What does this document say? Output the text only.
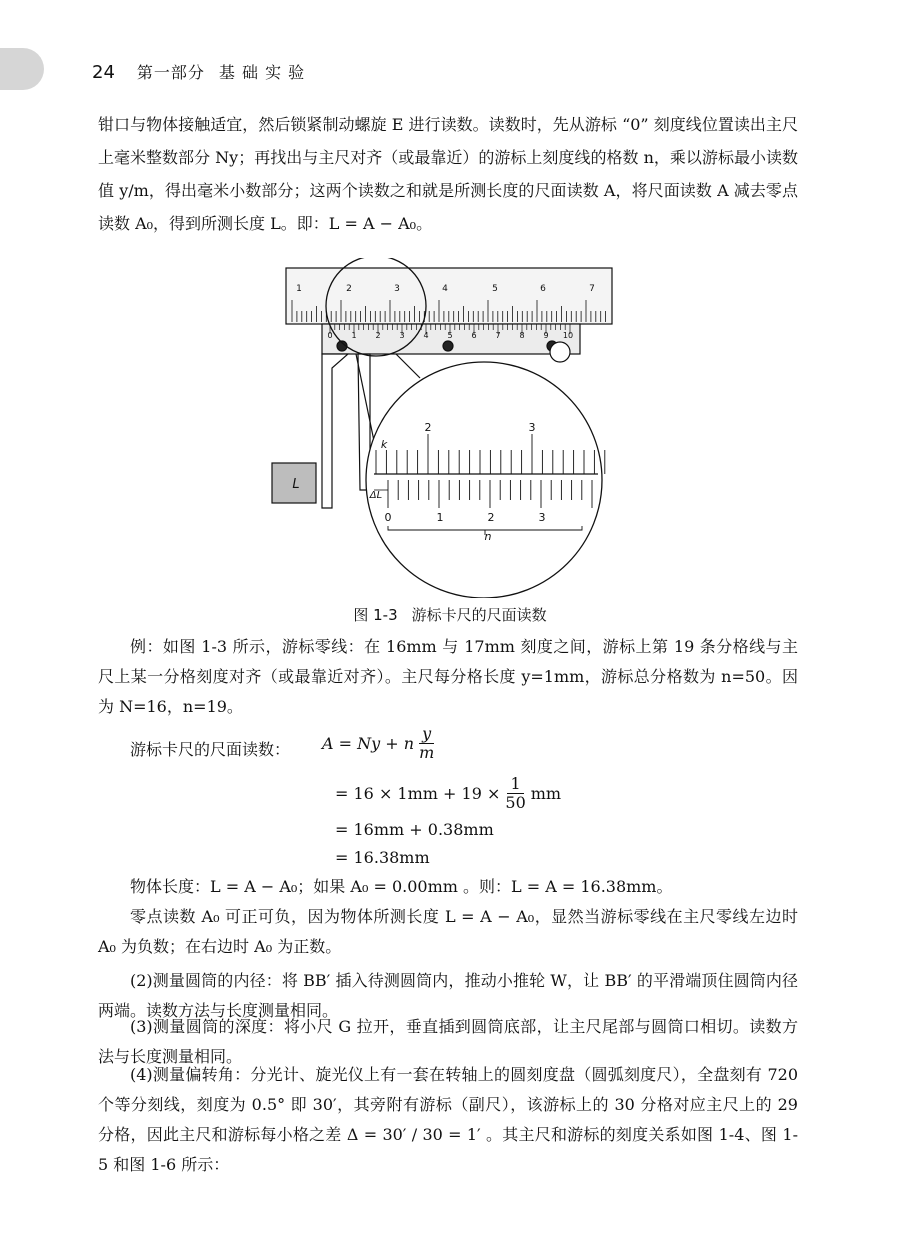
24 第一部分 基 础 实 验

钳口与物体接触适宜，然后锁紧制动螺旋 E 进行读数。读数时，先从游标 “0” 刻度线位置读出主尺上毫米整数部分 Ny；再找出与主尺对齐（或最靠近）的游标上刻度线的格数 n，乘以游标最小读数值 y/m，得出毫米小数部分；这两个读数之和就是所测长度的尺面读数 A，将尺面读数 A 减去零点读数 A₀，得到所测长度 L。即：L = A − A₀。

1	2	3	4	5	6	7
0 1 2 3 4 5 6 7 8 9 10
2	3
0	1	2	3
k
ΔL
n
L
图 1-3 游标卡尺的尺面读数

例：如图 1-3 所示，游标零线：在 16mm 与 17mm 刻度之间，游标上第 19 条分格线与主尺上某一分格刻度对齐（或最靠近对齐）。主尺每分格长度 y=1mm，游标总分格数为 n=50。因为 N=16，n=19。

游标卡尺的尺面读数： A = Ny + n $\frac{y}{m}$
= $16 \times 1mm + 19 \times \frac{1}{50}$ mm
= 16mm + 0.38mm
= 16.38mm

物体长度：L = A − A₀；如果 A₀ = 0.00mm 。则：L = A = 16.38mm。

零点读数 A₀ 可正可负，因为物体所测长度 L = A − A₀，显然当游标零线在主尺零线左边时 A₀ 为负数；在右边时 A₀ 为正数。

(2)测量圆筒的内径：将 BB′ 插入待测圆筒内，推动小推轮 W，让 BB′ 的平滑端顶住圆筒内径两端。读数方法与长度测量相同。

(3)测量圆筒的深度：将小尺 G 拉开，垂直插到圆筒底部，让主尺尾部与圆筒口相切。读数方法与长度测量相同。

(4)测量偏转角：分光计、旋光仪上有一套在转轴上的圆刻度盘（圆弧刻度尺），全盘刻有 720 个等分刻线，刻度为 0.5° 即 30′，其旁附有游标（副尺），该游标上的 30 分格对应主尺上的 29 分格，因此主尺和游标每小格之差 Δ = 30′ / 30 = 1′ 。其主尺和游标的刻度关系如图 1-4、图 1-5 和图 1-6 所示：
